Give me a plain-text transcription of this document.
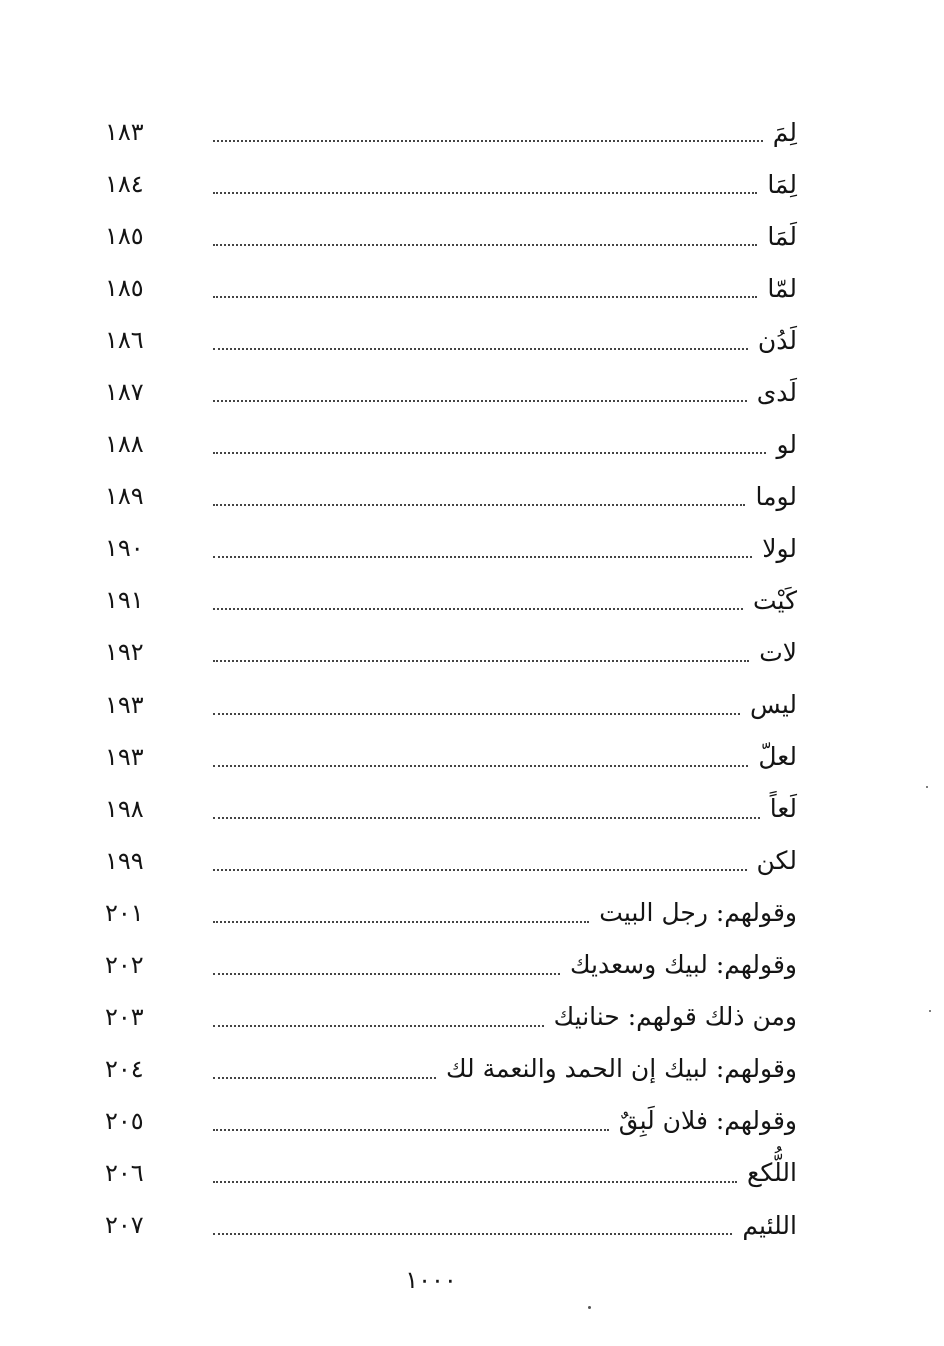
١٨٣	لِمَ
١٨٤	لِمَا
١٨٥	لَمَا
١٨٥	لمّا
١٨٦	لَدُن
١٨٧	لَدى
١٨٨	لو
١٨٩	لوما
١٩٠	لولا
١٩١	كَيْت
١٩٢	لات
١٩٣	ليس
١٩٣	لعلّ
١٩٨	لَعاً
١٩٩	لكن
٢٠١	وقولهم: رجل البيت
٢٠٢	وقولهم: لبيك وسعديك
٢٠٣	ومن ذلك قولهم: حنانيك
٢٠٤	وقولهم: لبيك إن الحمد والنعمة لك
٢٠٥	وقولهم: فلان لَبِقٌ
٢٠٦	اللُّكع
٢٠٧	اللئيم
١٠٠٠
